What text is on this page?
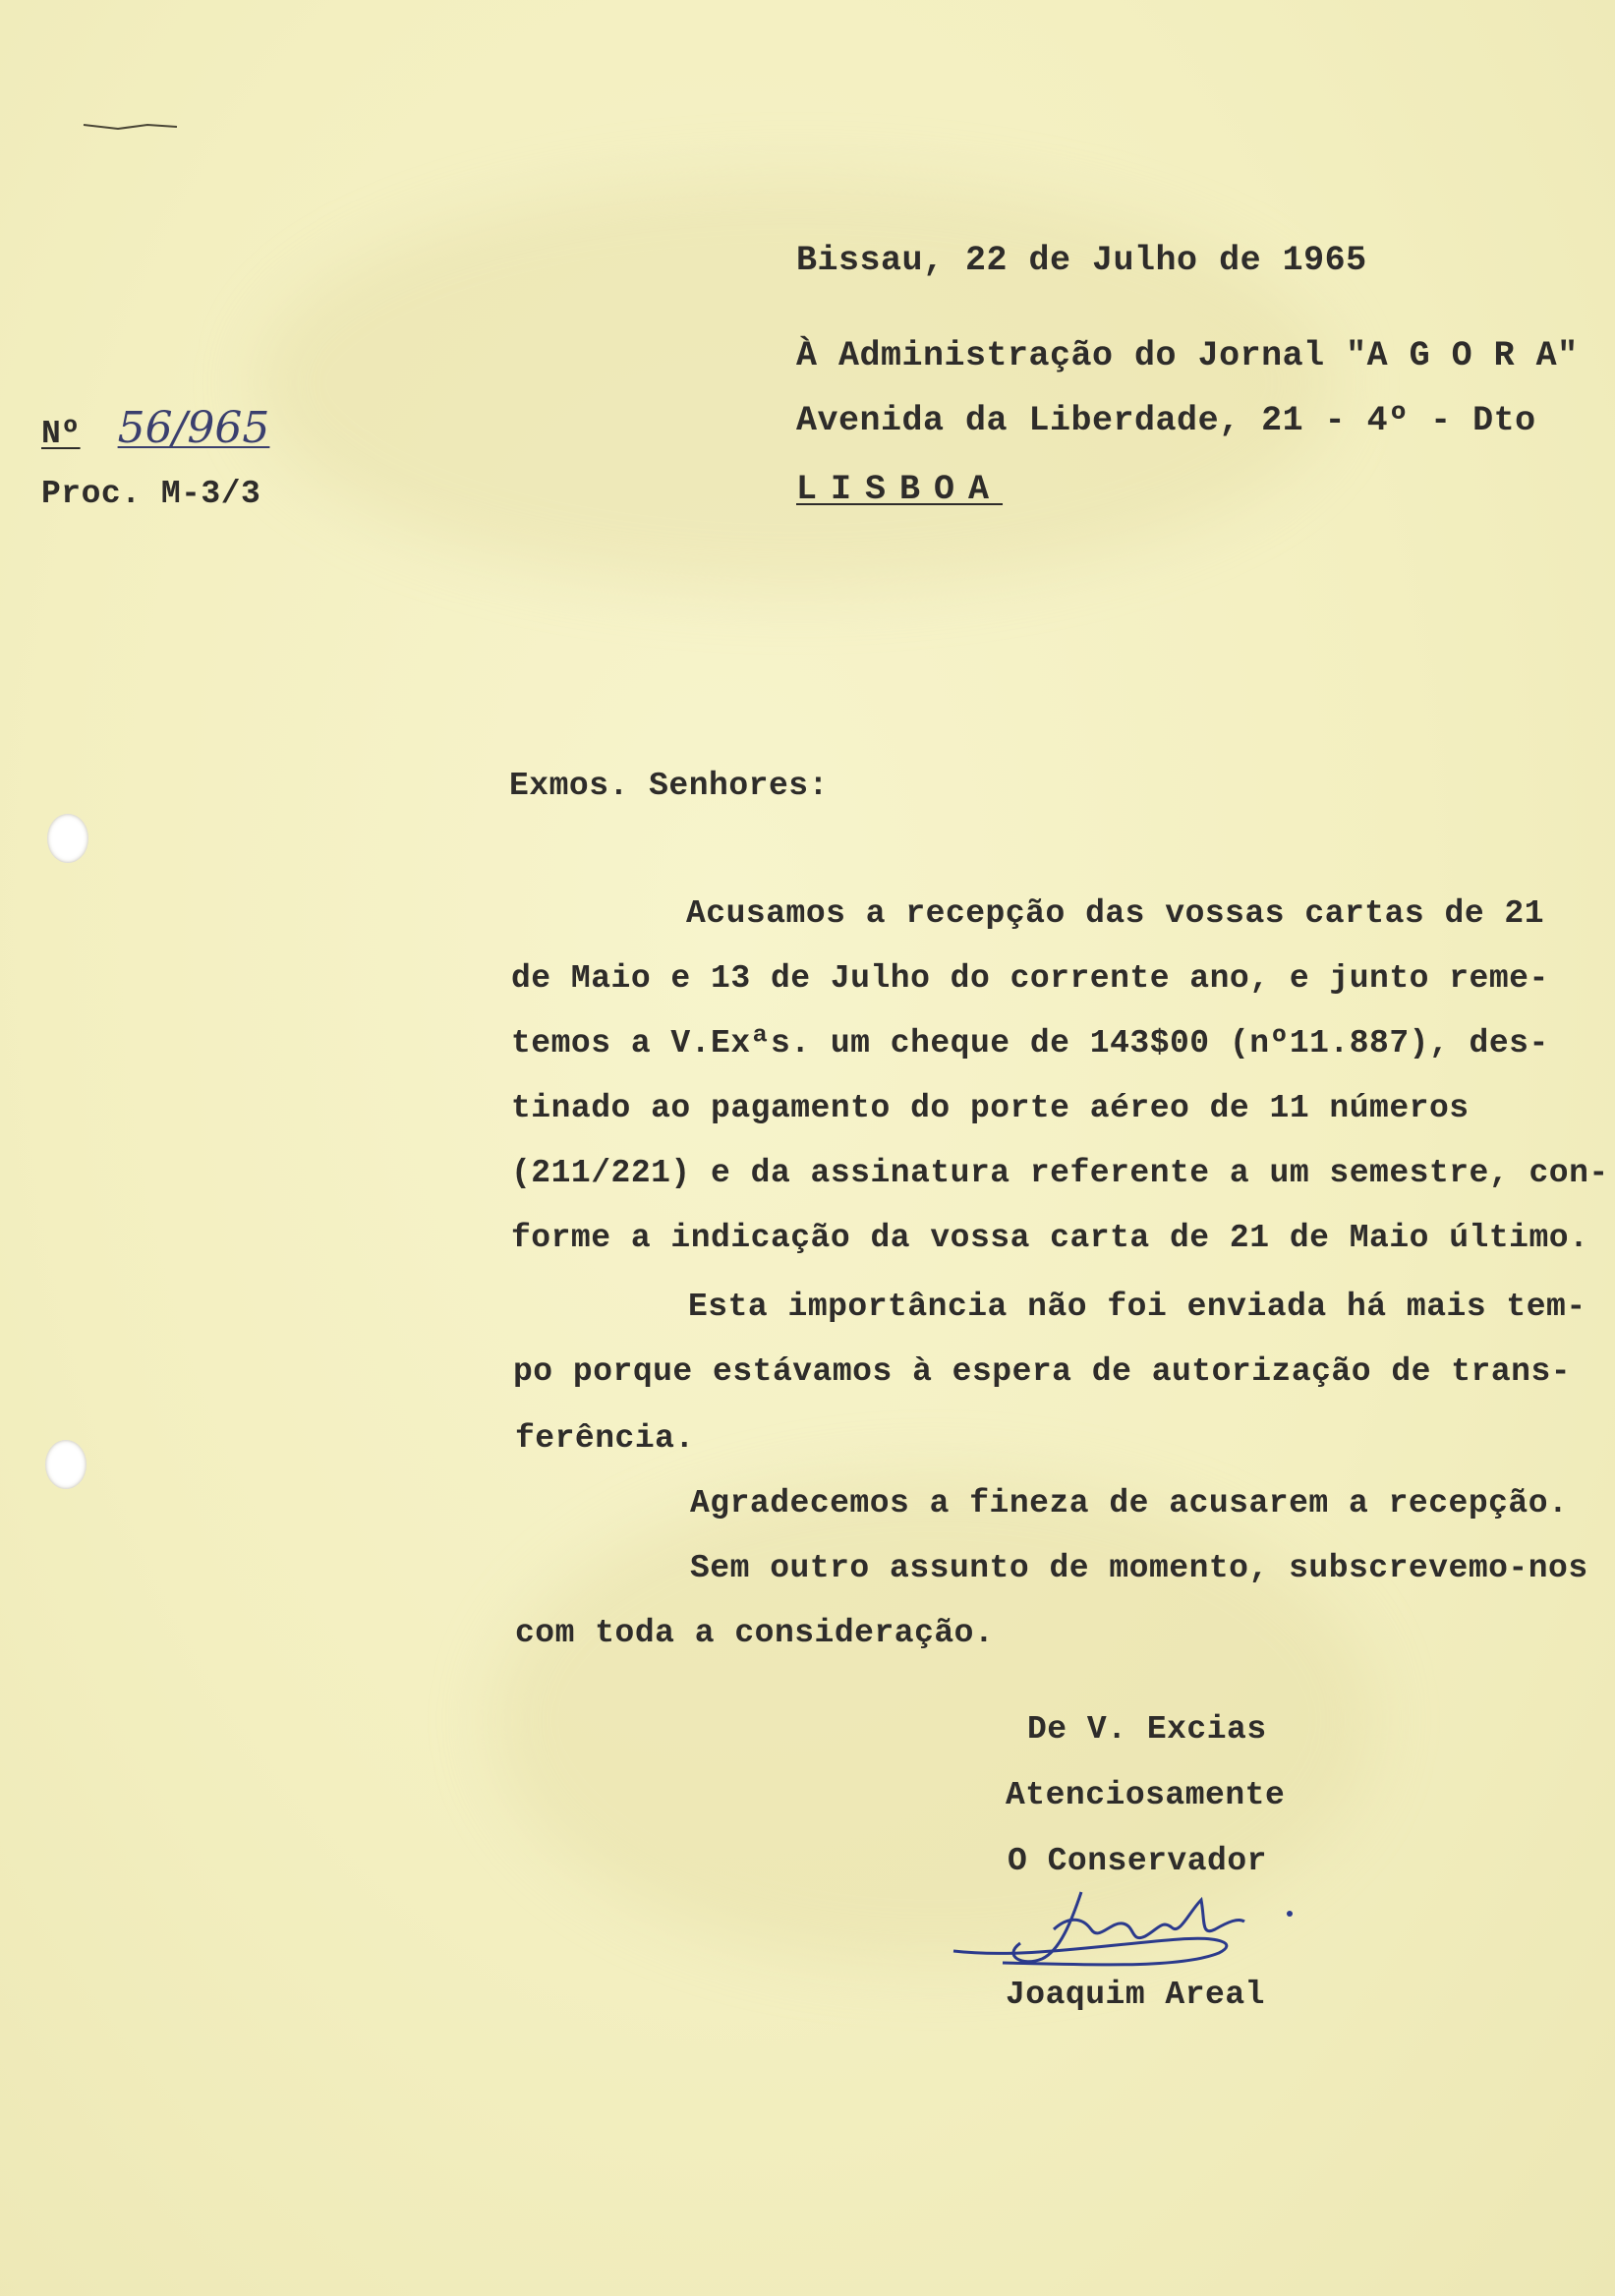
Bissau, 22 de Julho de 1965
À Administração do Jornal "A G O R A"
Avenida da Liberdade, 21 - 4º - Dto
LISBOA
Nº 56/965
Proc. M-3/3
Exmos. Senhores:
Acusamos a recepção das vossas cartas de 21
de Maio e 13 de Julho do corrente ano, e junto reme-
temos a V.Exªs. um cheque de 143$00 (nº11.887), des-
tinado ao pagamento do porte aéreo de 11 números
(211/221) e da assinatura referente a um semestre, con-
forme a indicação da vossa carta de 21 de Maio último.
Esta importância não foi enviada há mais tem-
po porque estávamos à espera de autorização de trans-
ferência.
Agradecemos a fineza de acusarem a recepção.
Sem outro assunto de momento, subscrevemo-nos
com toda a consideração.
De V. Excias
Atenciosamente
O Conservador
Joaquim Areal
